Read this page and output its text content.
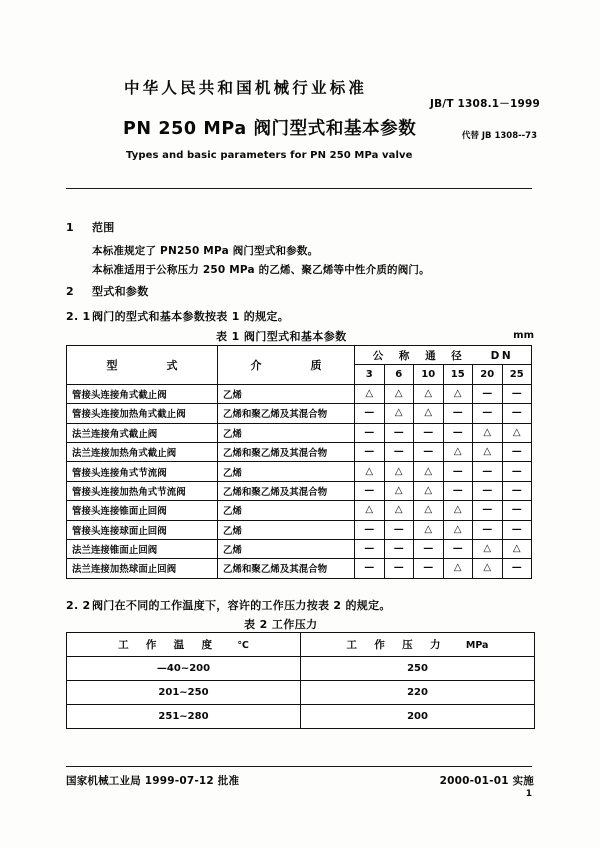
中华人民共和国机械行业标准
JB/T 1308.1－1999
PN 250 MPa 阀门型式和基本参数	代替 JB 1308--73
Types and basic parameters for PN 250 MPa valve
1 范围
本标准规定了 PN250 MPa 阀门型式和参数。
本标准适用于公称压力 250 MPa 的乙烯、聚乙烯等中性介质的阀门。
2 型式和参数
2. 1阀门的型式和基本参数按表 1 的规定。
表 1 阀门型式和基本参数	mm
型　　式	介　　质	公　称　通　径　　DN					
		3	6	10	15	20	25
管接头连接角式截止阀	乙烯	△	△	△	△	—	—
管接头连接加热角式截止阀	乙烯和聚乙烯及其混合物	—	△	△	—	—	—
法兰连接角式截止阀	乙烯	—	—	—	—	△	△
法兰连接加热角式截止阀	乙烯和聚乙烯及其混合物	—	—	—	△	△	—
管接头连接角式节流阀	乙烯	△	△	△	—	—	—
管接头连接加热角式节流阀	乙烯和聚乙烯及其混合物	—	△	△	—	—	—
管接头连接锥面止回阀	乙烯	△	△	△	△	—	—
管接头连接球面止回阀	乙烯	—	—	△	△	—	—
法兰连接锥面止回阀	乙烯	—	—	—	—	△	△
法兰连接加热球面止回阀	乙烯和聚乙烯及其混合物	—	—	—	△	△	—
2. 2阀门在不同的工作温度下，容许的工作压力按表 2 的规定。
表 2 工作压力
工　作　温　度 ℃	工　作　压　力 MPa
—40~200	250
201~250	220
251~280	200
国家机械工业局 1999-07-12 批准	2000-01-01 实施
1
